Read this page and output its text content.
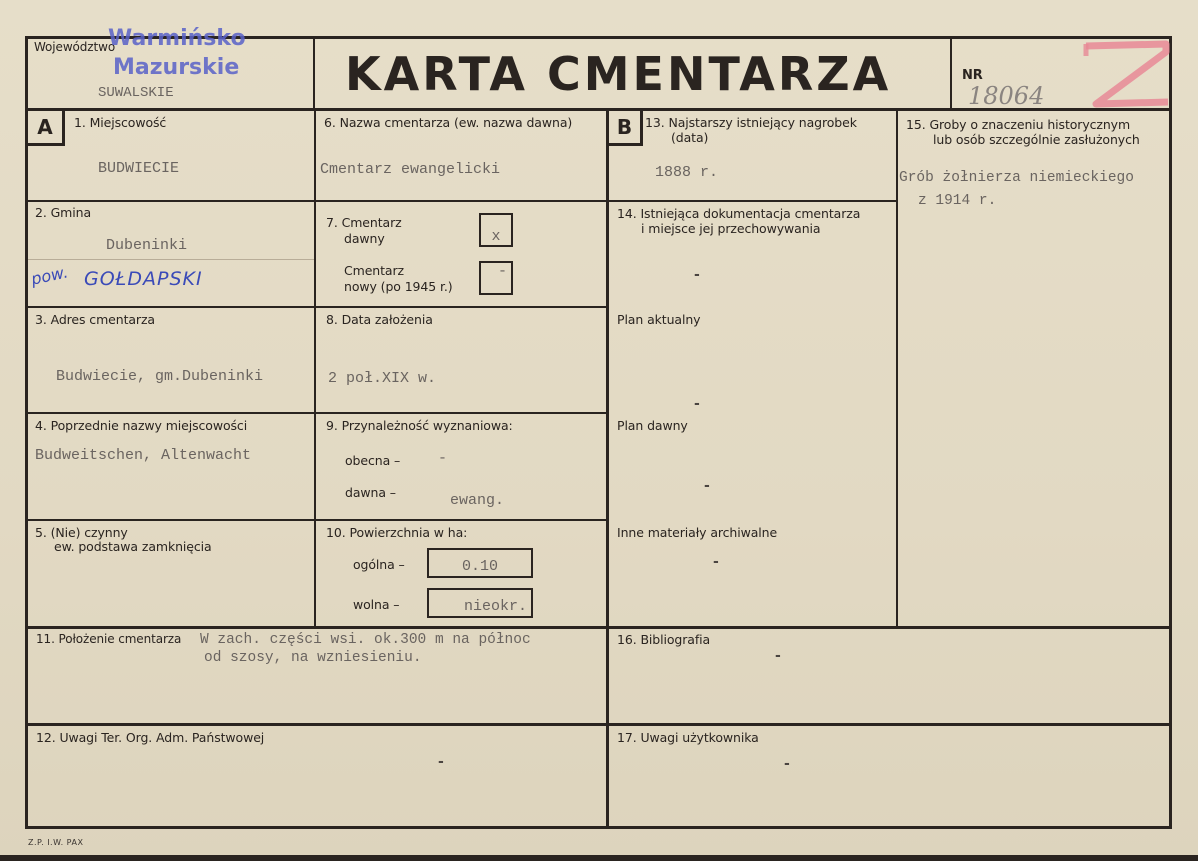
Województwo
Warmińsko
Mazurskie
SUWALSKIE	KARTA CMENTARZA	NR
18064
A	1. Miejscowość
BUDWIECIE
6. Nazwa cmentarza (ew. nazwa dawna)
Cmentarz ewangelicki
2. Gmina
Dubeninki
pow. GOŁDAPSKI
7. Cmentarz
dawny	x
Cmentarz
nowy (po 1945 r.)
-
3. Adres cmentarza
Budwiecie, gm.Dubeninki
8. Data założenia
2 poł.XIX w.
4. Poprzednie nazwy miejscowości
Budweitschen, Altenwacht
9. Przynależność wyznaniowa:
obecna –	-
dawna –	ewang.
5. (Nie) czynny
ew. podstawa zamknięcia
10. Powierzchnia w ha:
ogólna –	0.10
wolna –	nieokr.
B	13. Najstarszy istniejący nagrobek
(data)
1888 r.
14. Istniejąca dokumentacja cmentarza
i miejsce jej przechowywania
-
Plan aktualny
-
Plan dawny
-
Inne materiały archiwalne
-
15. Groby o znaczeniu historycznym
lub osób szczególnie zasłużonych
Grób żołnierza niemieckiego
z 1914 r.
11. Położenie cmentarza W zach. części wsi. ok.300 m na północ
od szosy, na wzniesieniu.
16. Bibliografia
-
12. Uwagi Ter. Org. Adm. Państwowej
-
17. Uwagi użytkownika
-
Z.P. I.W. PAX
